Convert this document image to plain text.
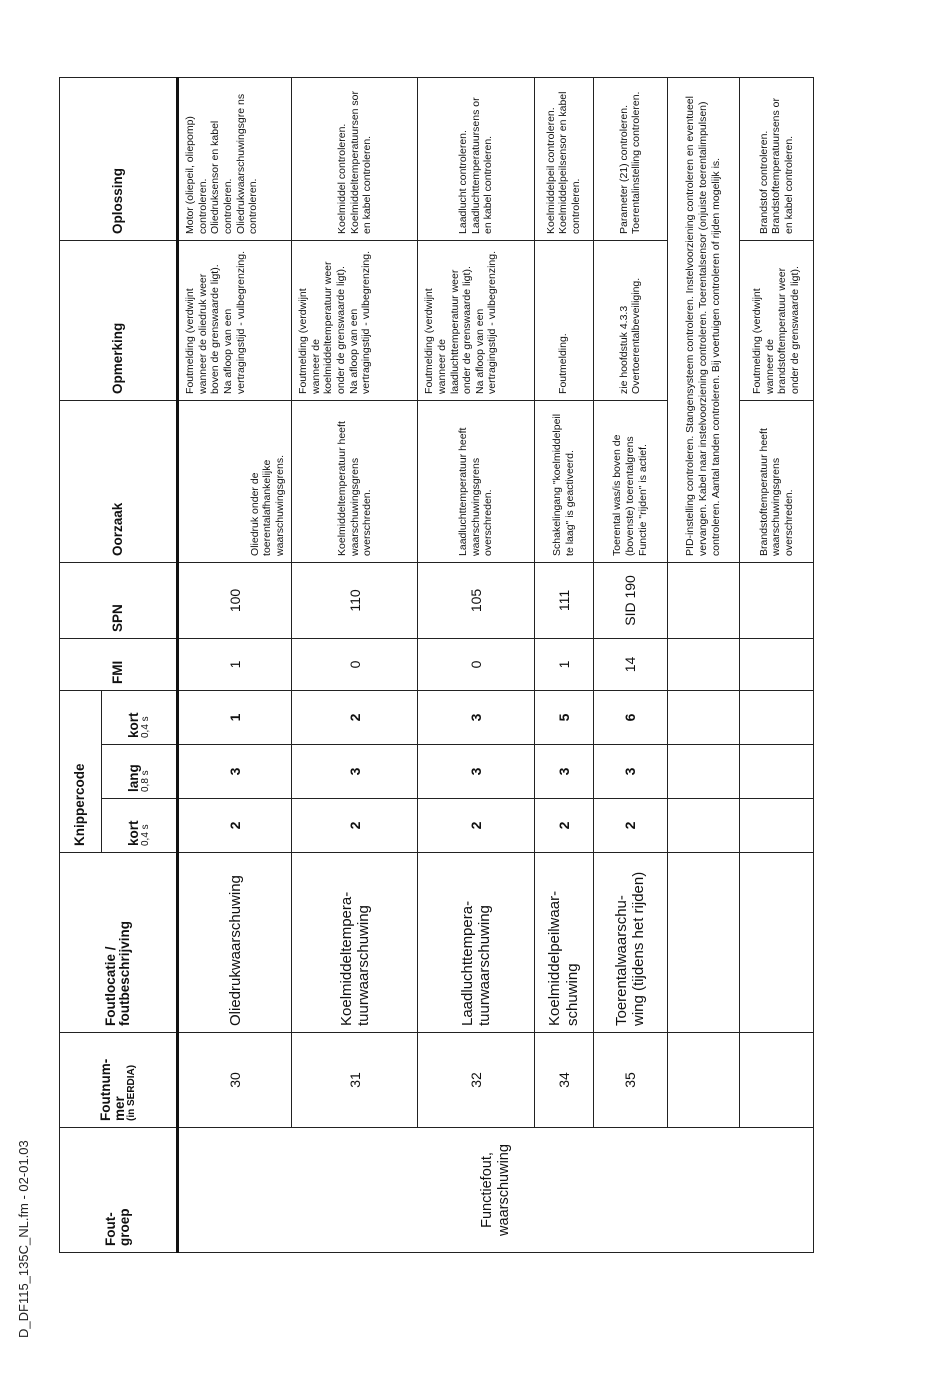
D_DF115_135C_NL.fm - 02-01.03	Fout-
groep	Foutnum-
mer (in SERDIA)	Foutlocatie /
foutbeschrijving	Knippercode			FMI	SPN	Oorzaak	Opmerking	Oplossing
			kort 0,4 s	lang 0,8 s	kort 0,4 s					

Functiefout,
waarschuwing	30	Oliedrukwaarschuwing	2	3	1	1	100	Oliedruk onder de toerentalafhankelijke waarschuwingsgrens.	Foutmelding (verdwijnt wanneer de oliedruk weer boven de grenswaarde ligt).
Na afloop van een vertragingstijd - vulbegrenzing.	Motor (oliepeil, oliepomp) controleren.
Oliedruksensor en kabel controleren.
Oliedrukwaarschuwingsgre ns controleren.
	31	Koelmiddeltempera-
tuurwaarschuwing	2	3	2	0	110	Koelmiddeltemperatuur heeft waarschuwingsgrens overschreden.	Foutmelding (verdwijnt wanneer de koelmiddeltemperatuur weer onder de grenswaarde ligt).
Na afloop van een vertragingstijd - vulbegrenzing.	Koelmiddel controleren.
Koelmiddeltemperatuursen sor en kabel controleren.
	32	Laadluchttempera-
tuurwaarschuwing	2	3	3	0	105	Laadluchttemperatuur heeft waarschuwingsgrens overschreden.	Foutmelding (verdwijnt wanneer de laadluchttemperatuur weer onder de grenswaarde ligt).
Na afloop van een vertragingstijd - vulbegrenzing.	Laadlucht controleren.
Laadluchttemperatuursens or en kabel controleren.
	34	Koelmiddelpeilwaar-
schuwing	2	3	5	1	111	Schakelingang "koelmiddelpeil te laag" is geactiveerd.	Foutmelding.	Koelmiddelpeil controleren.
Koelmiddelpeilsensor en kabel controleren.
	35	Toerentalwaarschu-
wing (tijdens het rijden)	2	3	6	14	SID 190	Toerental was/is boven de (bovenste) toerentalgrens
Functie "rijden" is actief.	zie hoofdstuk 4.3.3
Overtoerentalbeveiliging.	Parameter (21) controleren.
Toerentalinstelling controleren.
								PID-instelling controleren. Stangensysteem controleren. Instelvoorziening controleren en eventueel vervangen. Kabel naar instelvoorziening controleren. Toerentalsensor (onjuiste toerentalimpulsen) controleren. Aantal tanden controleren. Bij voertuigen controleren of rijden mogelijk is.		
								Brandstoftemperatuur heeft waarschuwingsgrens overschreden.	Foutmelding (verdwijnt wanneer de brandstoftemperatuur weer onder de grenswaarde ligt).	Brandstof controleren.
Brandstoftemperatuursens or en kabel controleren.
